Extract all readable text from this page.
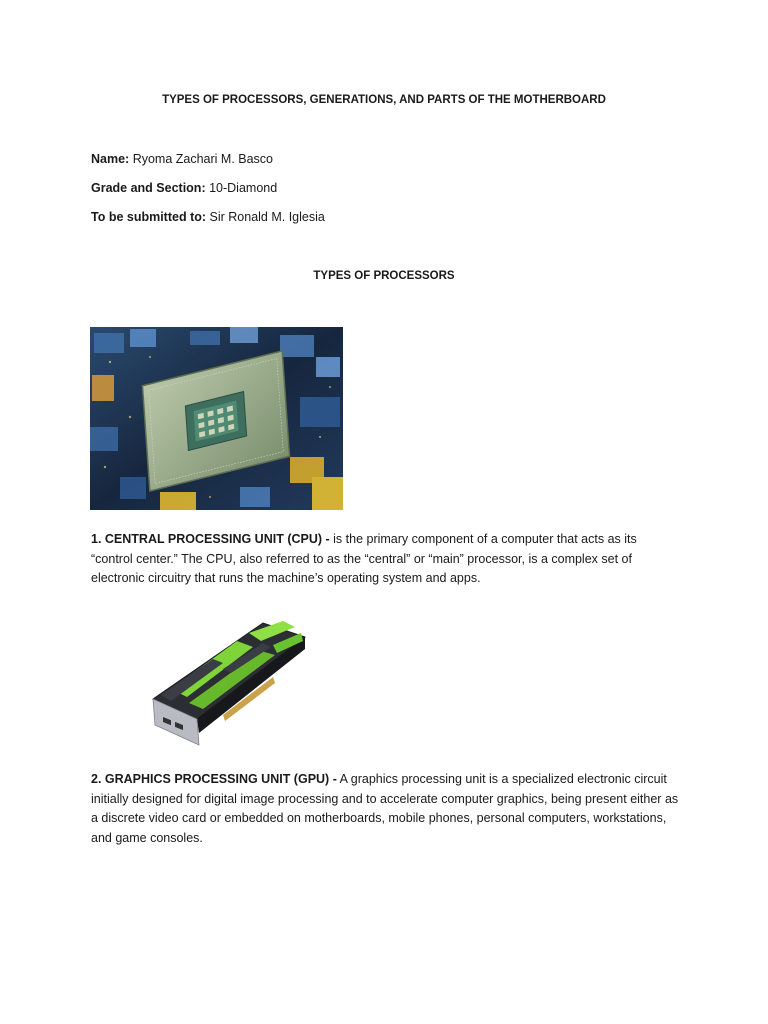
TYPES OF PROCESSORS, GENERATIONS, AND PARTS OF THE MOTHERBOARD
Name: Ryoma Zachari M. Basco
Grade and Section: 10-Diamond
To be submitted to: Sir Ronald M. Iglesia
TYPES OF PROCESSORS
1. CENTRAL PROCESSING UNIT (CPU) - is the primary component of a computer that acts as its “control center.” The CPU, also referred to as the “central” or “main” processor, is a complex set of electronic circuitry that runs the machine’s operating system and apps.
2. GRAPHICS PROCESSING UNIT (GPU) - A graphics processing unit is a specialized electronic circuit initially designed for digital image processing and to accelerate computer graphics, being present either as a discrete video card or embedded on motherboards, mobile phones, personal computers, workstations, and game consoles.
